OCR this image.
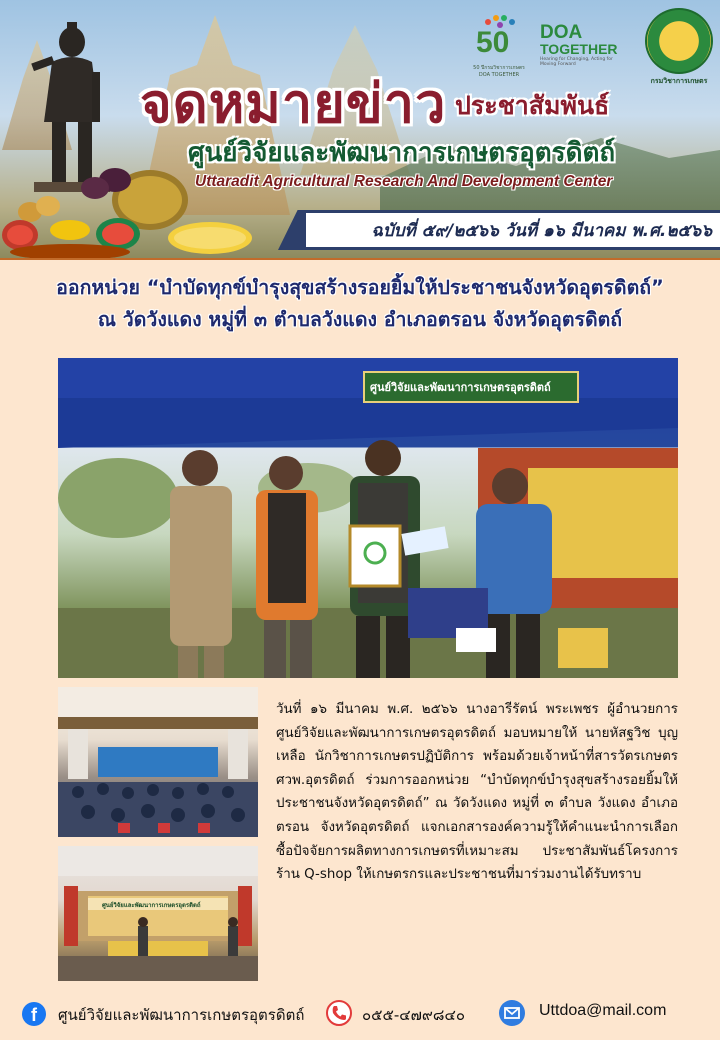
50
50 ปีกรมวิชาการเกษตร DOA TOGETHER
DOA
TOGETHER
Hearing for Changing, Acting for Moving Forward
กรมวิชาการเกษตร
จดหมายข่าว ประชาสัมพันธ์
ศูนย์วิจัยและพัฒนาการเกษตรอุตรดิตถ์
Uttaradit Agricultural Research And Development Center
ฉบับที่ ๕๙/๒๕๖๖ วันที่ ๑๖ มีนาคม พ.ศ.๒๕๖๖
ออกหน่วย “บำบัดทุกข์บำรุงสุขสร้างรอยยิ้มให้ประชาชนจังหวัดอุตรดิตถ์”
ณ วัดวังแดง หมู่ที่ ๓ ตำบลวังแดง อำเภอตรอน จังหวัดอุตรดิตถ์
ศูนย์วิจัยและพัฒนาการเกษตรอุตรดิตถ์
ศูนย์วิจัยและพัฒนาการเกษตรอุตรดิตถ์

วันที่ ๑๖ มีนาคม พ.ศ. ๒๕๖๖ นางอารีรัตน์ พระเพชร ผู้อำนวยการศูนย์วิจัยและพัฒนาการเกษตรอุตรดิตถ์ มอบหมายให้ นายหัสฐวิช บุญเหลือ นักวิชาการเกษตรปฏิบัติการ พร้อมด้วยเจ้าหน้าที่สารวัตรเกษตร ศวพ.อุตรดิตถ์ ร่วมการออกหน่วย “บำบัดทุกข์บำรุงสุขสร้างรอยยิ้มให้ประชาชนจังหวัดอุตรดิตถ์” ณ วัดวังแดง หมู่ที่ ๓ ตำบล วังแดง อำเภอตรอน จังหวัดอุตรดิตถ์ แจกเอกสารองค์ความรู้ให้คำแนะนำการเลือกซื้อปัจจัยการผลิตทางการเกษตรที่เหมาะสม ประชาสัมพันธ์โครงการร้าน Q-shop ให้เกษตรกรและประชาชนที่มาร่วมงานได้รับทราบ

f	ศูนย์วิจัยและพัฒนาการเกษตรอุตรดิตถ์	๐๕๕-๔๗๙๘๔๐	Uttdoa@mail.com
